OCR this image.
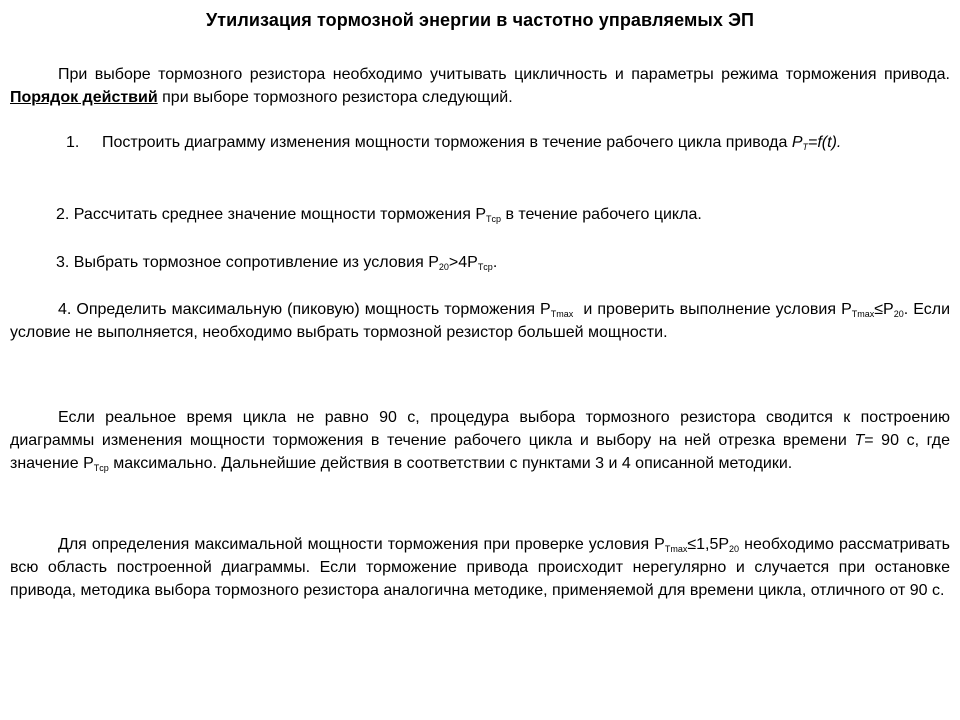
Утилизация тормозной энергии в частотно управляемых ЭП
При выборе тормозного резистора необходимо учитывать цикличность и параметры режима торможения привода. Порядок действий при выборе тормозного резистора следующий.
1. Построить диаграмму изменения мощности торможения в течение рабочего цикла привода $P_T=f(t)$.
2. Рассчитать среднее значение мощности торможения $P_{Tср}$ в течение рабочего цикла.
3. Выбрать тормозное сопротивление из условия $P_{20}>4P_{Tср}$.
4. Определить максимальную (пиковую) мощность торможения $P_{Tmax}$  и проверить выполнение условия $P_{Tmax}\le P_{20}$. Если условие не выполняется, необходимо выбрать тормозной резистор большей мощности.
Если реальное время цикла не равно 90 с, процедура выбора тормозного резистора сводится к построению диаграммы изменения мощности торможения в течение рабочего цикла и выбору на ней отрезка времени T= 90 с, где значение $P_{Tср}$ максимально. Дальнейшие действия в соответствии с пунктами 3 и 4 описанной методики.
Для определения максимальной мощности торможения при проверке условия $P_{Tmax}\le 1,5P_{20}$ необходимо рассматривать всю область построенной диаграммы. Если торможение привода происходит нерегулярно и случается при остановке привода, методика выбора тормозного резистора аналогична методике, применяемой для времени цикла, отличного от 90 с.
